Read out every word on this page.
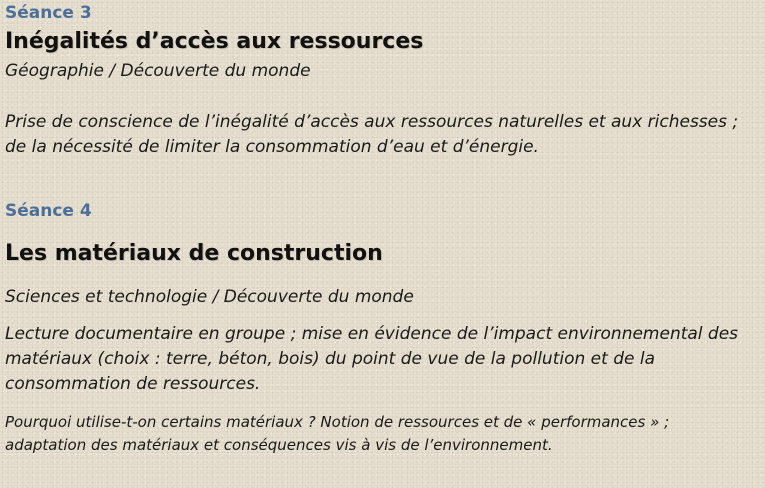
Séance 3
Inégalités d’accès aux ressources
Géographie / Découverte du monde
Prise de conscience de l’inégalité d’accès aux ressources naturelles et aux richesses ; de la nécessité de limiter la consommation d’eau et d’énergie.
Séance 4
Les matériaux de construction
Sciences et technologie / Découverte du monde
Lecture documentaire en groupe ; mise en évidence de l’impact environnemental des matériaux (choix : terre, béton, bois) du point de vue de la pollution et de la consommation de ressources.
Pourquoi utilise-t-on certains matériaux ? Notion de ressources et de « performances » ; adaptation des matériaux et conséquences vis à vis de l’environnement.
